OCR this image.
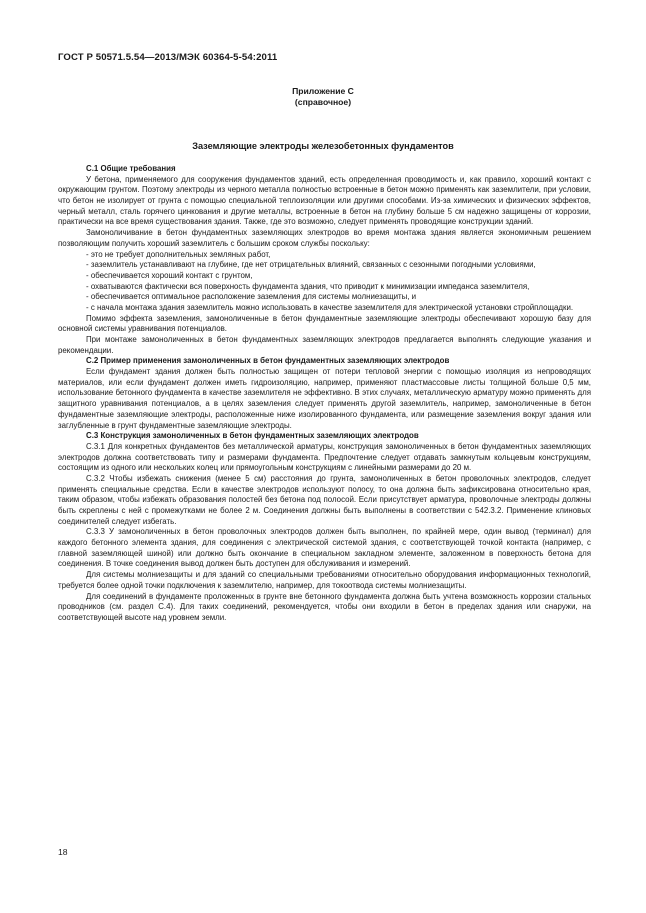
ГОСТ Р 50571.5.54—2013/МЭК 60364-5-54:2011
Приложение С
(справочное)
Заземляющие электроды железобетонных фундаментов
С.1 Общие требования

У бетона, применяемого для сооружения фундаментов зданий, есть определенная проводимость и, как правило, хороший контакт с окружающим грунтом. Поэтому электроды из черного металла полностью встроенные в бетон можно применять как заземлители, при условии, что бетон не изолирует от грунта с помощью специальной теплоизоляции или другими способами. Из-за химических и физических эффектов, черный металл, сталь горячего цинкования и другие металлы, встроенные в бетон на глубину больше 5 см надежно защищены от коррозии, практически на все время существования здания. Также, где это возможно, следует применять проводящие конструкции зданий.

Замоноличивание в бетон фундаментных заземляющих электродов во время монтажа здания является экономичным решением позволяющим получить хороший заземлитель с большим сроком службы поскольку:

- это не требует дополнительных земляных работ,

- заземлитель устанавливают на глубине, где нет отрицательных влияний, связанных с сезонными погодными условиями,

- обеспечивается хороший контакт с грунтом,

- охватываются фактически вся поверхность фундамента здания, что приводит к минимизации импеданса заземлителя,

- обеспечивается оптимальное расположение заземления для системы молниезащиты, и

- с начала монтажа здания заземлитель можно использовать в качестве заземлителя для электрической установки стройплощадки.

Помимо эффекта заземления, замоноличенные в бетон фундаментные заземляющие электроды обеспечивают хорошую базу для основной системы уравнивания потенциалов.

При монтаже замоноличенных в бетон фундаментных заземляющих электродов предлагается выполнять следующие указания и рекомендации.

С.2 Пример применения замоноличенных в бетон фундаментных заземляющих электродов

Если фундамент здания должен быть полностью защищен от потери тепловой энергии с помощью изоляция из непроводящих материалов, или если фундамент должен иметь гидроизоляцию, например, применяют пластмассовые листы толщиной больше 0,5 мм, использование бетонного фундамента в качестве заземлителя не эффективно. В этих случаях, металлическую арматуру можно применять для защитного уравнивания потенциалов, а в целях заземления следует применять другой заземлитель, например, замоноличенные в бетон фундаментные заземляющие электроды, расположенные ниже изолированного фундамента, или размещение заземления вокруг здания или заглубленные в грунт фундаментные заземляющие электроды.

С.3 Конструкция замоноличенных в бетон фундаментных заземляющих электродов

С.3.1 Для конкретных фундаментов без металлической арматуры, конструкция замоноличенных в бетон фундаментных заземляющих электродов должна соответствовать типу и размерами фундамента. Предпочтение следует отдавать замкнутым кольцевым конструкциям, состоящим из одного или нескольких колец или прямоугольным конструкциям с линейными размерами до 20 м.

С.3.2 Чтобы избежать снижения (менее 5 см) расстояния до грунта, замоноличенных в бетон проволочных электродов, следует применять специальные средства. Если в качестве электродов используют полосу, то она должна быть зафиксирована относительно края, таким образом, чтобы избежать образования полостей без бетона под полосой. Если присутствует арматура, проволочные электроды должны быть скреплены с ней с промежутками не более 2 м. Соединения должны быть выполнены в соответствии с 542.3.2. Применение клиновых соединителей следует избегать.

С.3.3 У замоноличенных в бетон проволочных электродов должен быть выполнен, по крайней мере, один вывод (терминал) для каждого бетонного элемента здания, для соединения с электрической системой здания, с соответствующей точкой контакта (например, с главной заземляющей шиной) или должно быть окончание в специальном закладном элементе, заложенном в поверхность бетона для соединения. В точке соединения вывод должен быть доступен для обслуживания и измерений.

Для системы молниезащиты и для зданий со специальными требованиями относительно оборудования информационных технологий, требуется более одной точки подключения к заземлителю, например, для токоотвода системы молниезащиты.

Для соединений в фундаменте проложенных в грунте вне бетонного фундамента должна быть учтена возможность коррозии стальных проводников (см. раздел С.4). Для таких соединений, рекомендуется, чтобы они входили в бетон в пределах здания или снаружи, на соответствующей высоте над уровнем земли.

18
